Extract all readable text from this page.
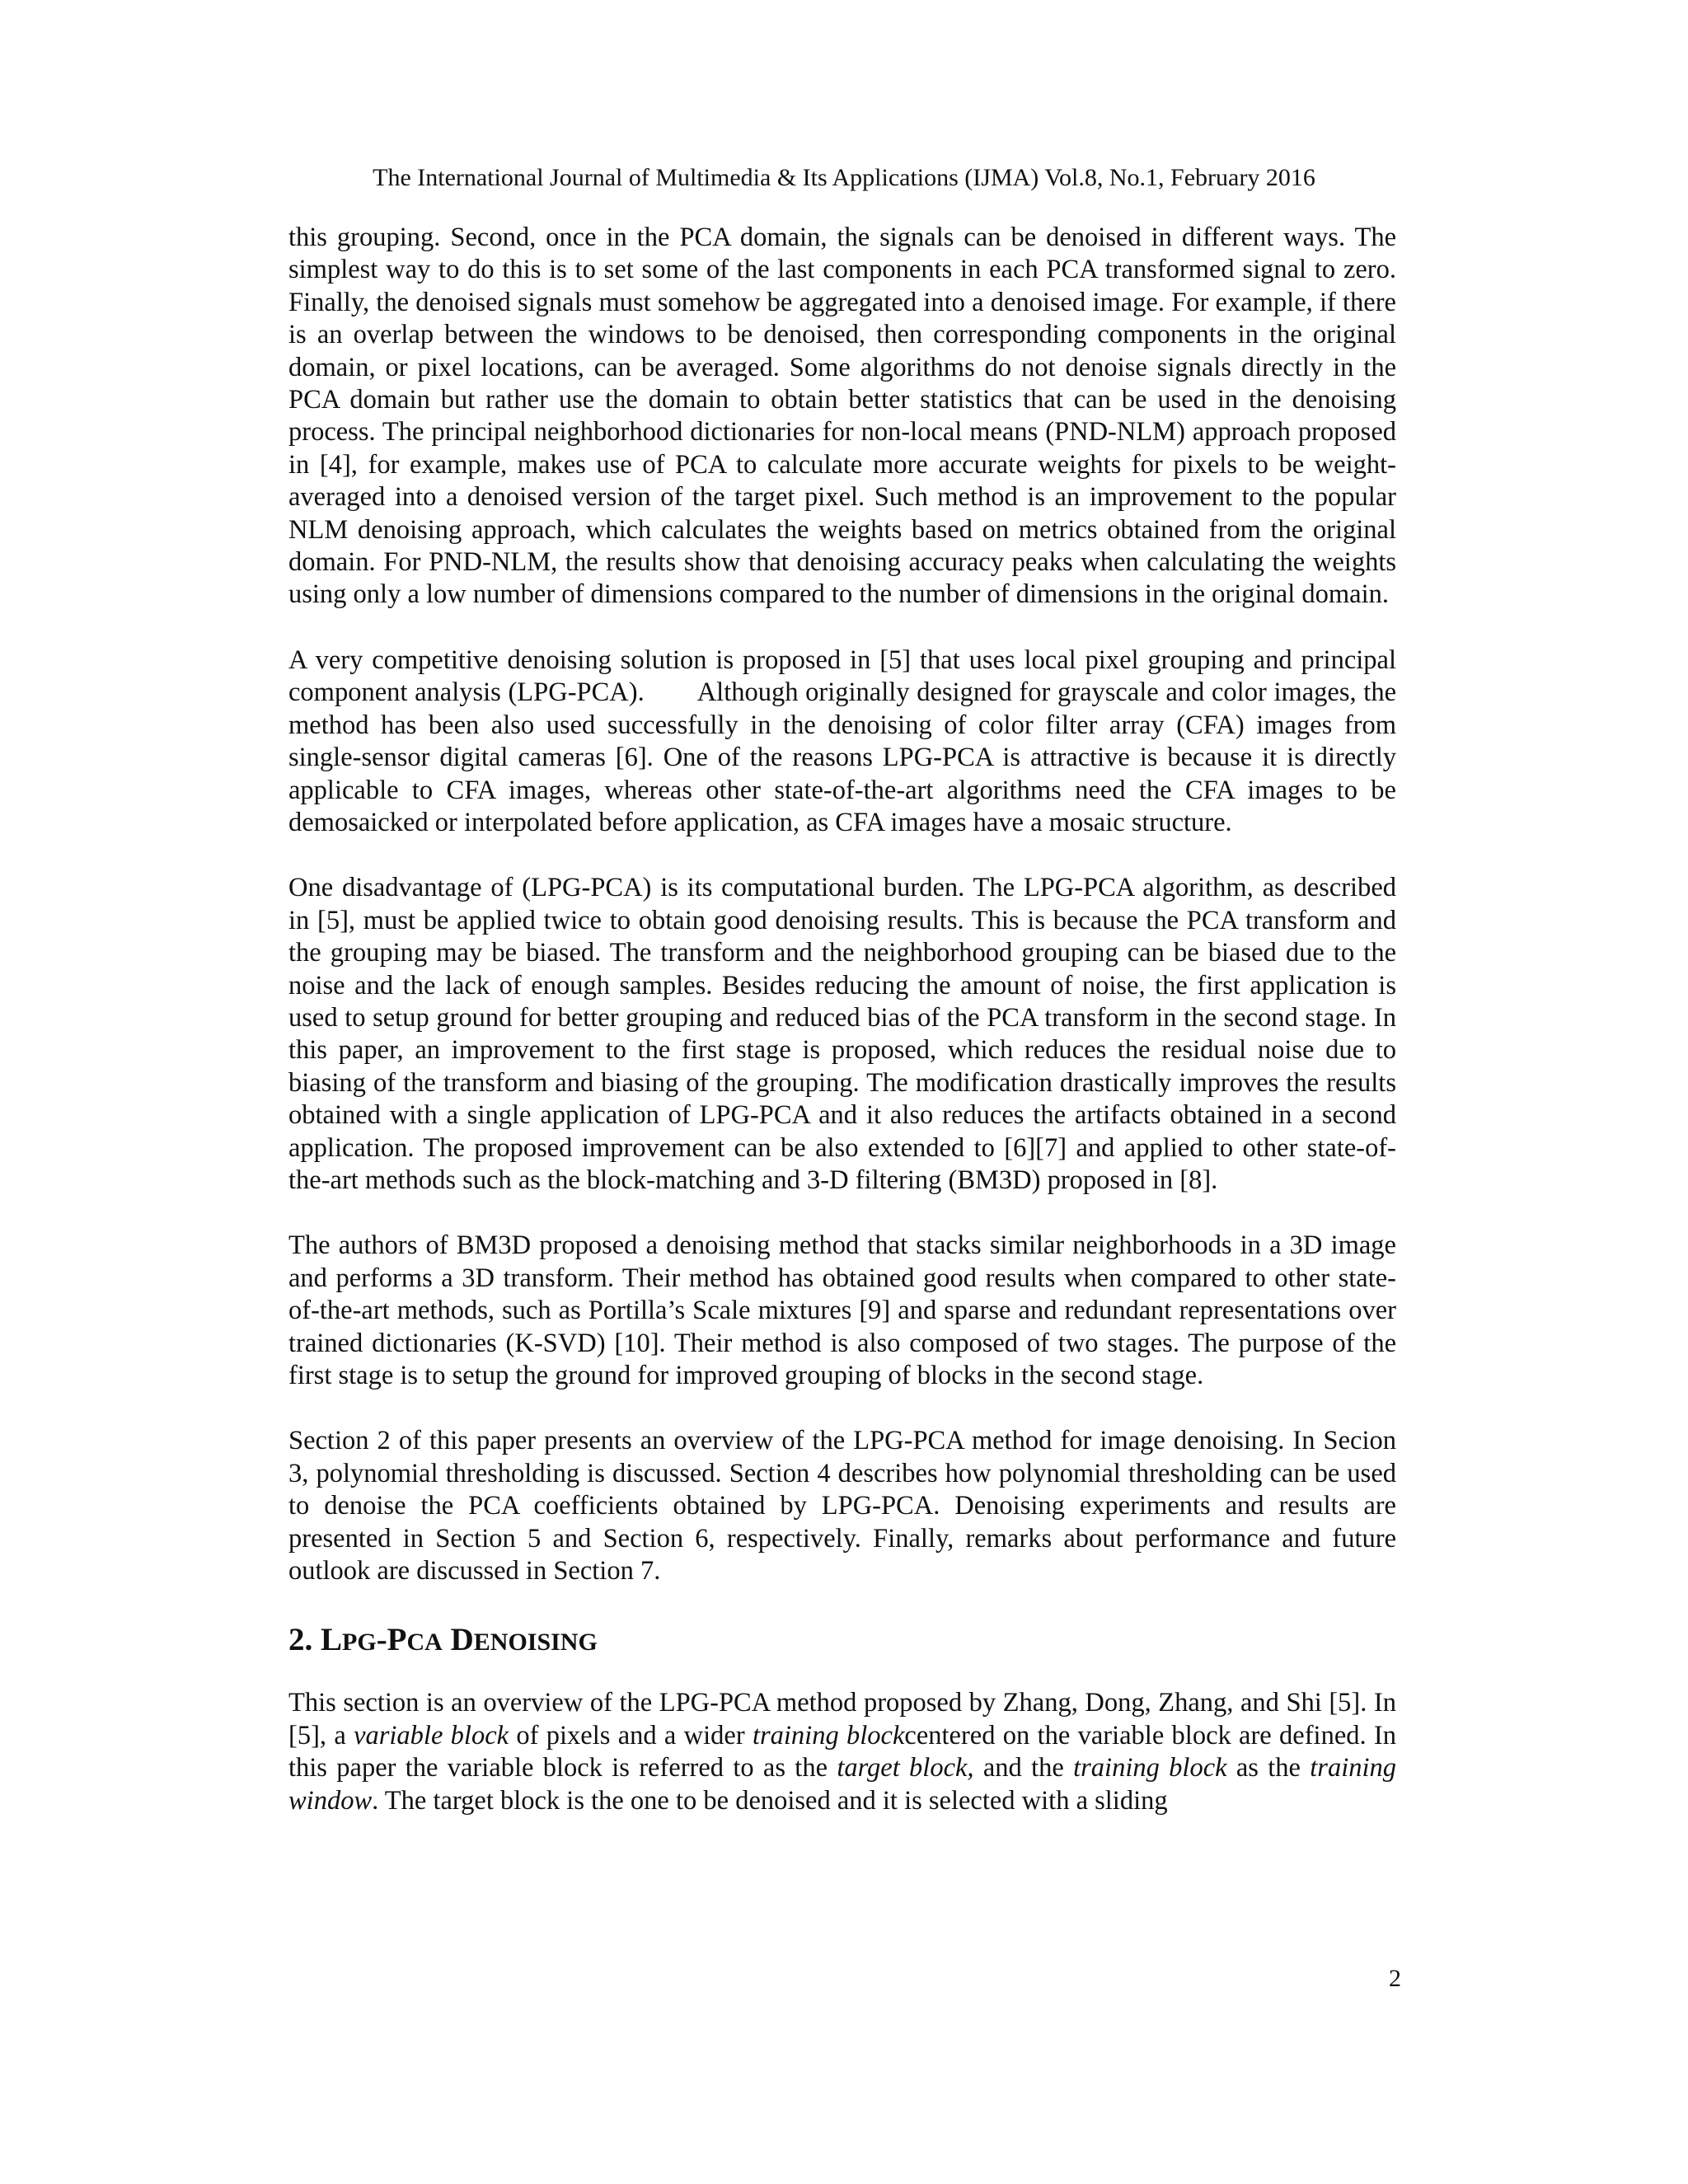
The International Journal of Multimedia & Its Applications (IJMA) Vol.8, No.1, February 2016

this grouping. Second, once in the PCA domain, the signals can be denoised in different ways. The simplest way to do this is to set some of the last components in each PCA transformed signal to zero. Finally, the denoised signals must somehow be aggregated into a denoised image. For example, if there is an overlap between the windows to be denoised, then corresponding components in the original domain, or pixel locations, can be averaged. Some algorithms do not denoise signals directly in the PCA domain but rather use the domain to obtain better statistics that can be used in the denoising process. The principal neighborhood dictionaries for non-local means (PND-NLM) approach proposed in [4], for example, makes use of PCA to calculate more accurate weights for pixels to be weight-averaged into a denoised version of the target pixel. Such method is an improvement to the popular NLM denoising approach, which calculates the weights based on metrics obtained from the original domain. For PND-NLM, the results show that denoising accuracy peaks when calculating the weights using only a low number of dimensions compared to the number of dimensions in the original domain.

A very competitive denoising solution is proposed in [5] that uses local pixel grouping and principal component analysis (LPG-PCA). Although originally designed for grayscale and color images, the method has been also used successfully in the denoising of color filter array (CFA) images from single-sensor digital cameras [6]. One of the reasons LPG-PCA is attractive is because it is directly applicable to CFA images, whereas other state-of-the-art algorithms need the CFA images to be demosaicked or interpolated before application, as CFA images have a mosaic structure.

One disadvantage of (LPG-PCA) is its computational burden. The LPG-PCA algorithm, as described in [5], must be applied twice to obtain good denoising results. This is because the PCA transform and the grouping may be biased. The transform and the neighborhood grouping can be biased due to the noise and the lack of enough samples. Besides reducing the amount of noise, the first application is used to setup ground for better grouping and reduced bias of the PCA transform in the second stage. In this paper, an improvement to the first stage is proposed, which reduces the residual noise due to biasing of the transform and biasing of the grouping. The modification drastically improves the results obtained with a single application of LPG-PCA and it also reduces the artifacts obtained in a second application. The proposed improvement can be also extended to [6][7] and applied to other state-of-the-art methods such as the block-matching and 3-D filtering (BM3D) proposed in [8].

The authors of BM3D proposed a denoising method that stacks similar neighborhoods in a 3D image and performs a 3D transform. Their method has obtained good results when compared to other state-of-the-art methods, such as Portilla’s Scale mixtures [9] and sparse and redundant representations over trained dictionaries (K-SVD) [10]. Their method is also composed of two stages. The purpose of the first stage is to setup the ground for improved grouping of blocks in the second stage.

Section 2 of this paper presents an overview of the LPG-PCA method for image denoising. In Secion 3, polynomial thresholding is discussed. Section 4 describes how polynomial thresholding can be used to denoise the PCA coefficients obtained by LPG-PCA. Denoising experiments and results are presented in Section 5 and Section 6, respectively. Finally, remarks about performance and future outlook are discussed in Section 7.

2. LPG-PCA DENOISING

This section is an overview of the LPG-PCA method proposed by Zhang, Dong, Zhang, and Shi [5]. In [5], a variable block of pixels and a wider training blockcentered on the variable block are defined. In this paper the variable block is referred to as the target block, and the training block as the training window. The target block is the one to be denoised and it is selected with a sliding

2
